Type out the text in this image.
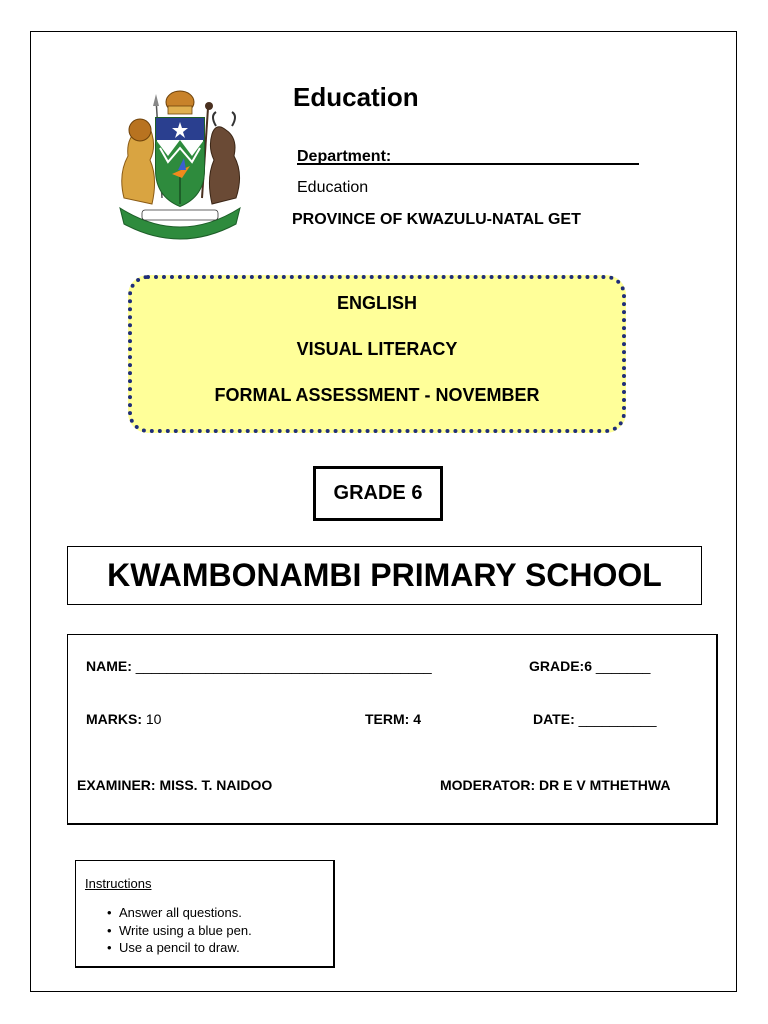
Education
Department:
Education
PROVINCE OF KWAZULU-NATAL GET
ENGLISH
VISUAL LITERACY
FORMAL ASSESSMENT - NOVEMBER
GRADE 6
KWAMBONAMBI PRIMARY SCHOOL
NAME: ______________________________________	GRADE:6 _______
MARKS: 10	TERM: 4	DATE: __________
EXAMINER: MISS. T. NAIDOO	MODERATOR: DR E V MTHETHWA
Instructions
• Answer all questions.
• Write using a blue pen.
• Use a pencil to draw.
